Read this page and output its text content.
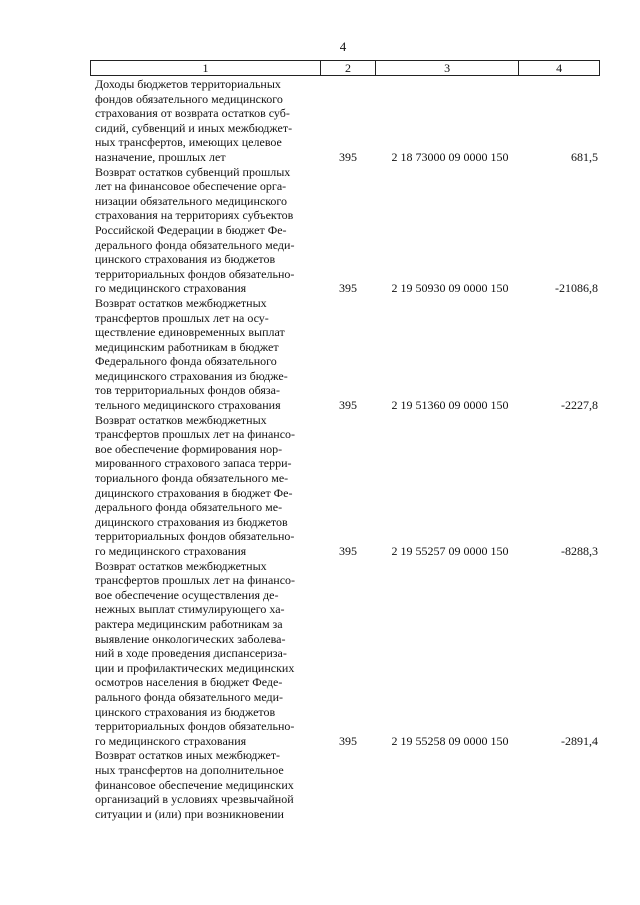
4
1	2	3	4
Доходы бюджетов территориальных
фондов обязательного медицинского
страхования от возврата остатков суб-
сидий, субвенций и иных межбюджет-
ных трансфертов, имеющих целевое
назначение, прошлых лет	395	2 18 73000 09 0000 150	681,5
Возврат остатков субвенций прошлых
лет на финансовое обеспечение орга-
низации обязательного медицинского
страхования на территориях субъектов
Российской Федерации в бюджет Фе-
дерального фонда обязательного меди-
цинского страхования из бюджетов
территориальных фондов обязательно-
го медицинского страхования	395	2 19 50930 09 0000 150	-21086,8
Возврат остатков межбюджетных
трансфертов прошлых лет на осу-
ществление единовременных выплат
медицинским работникам в бюджет
Федерального фонда обязательного
медицинского страхования из бюдже-
тов территориальных фондов обяза-
тельного медицинского страхования	395	2 19 51360 09 0000 150	-2227,8
Возврат остатков межбюджетных
трансфертов прошлых лет на финансо-
вое обеспечение формирования нор-
мированного страхового запаса терри-
ториального фонда обязательного ме-
дицинского страхования в бюджет Фе-
дерального фонда обязательного ме-
дицинского страхования из бюджетов
территориальных фондов обязательно-
го медицинского страхования	395	2 19 55257 09 0000 150	-8288,3
Возврат остатков межбюджетных
трансфертов прошлых лет на финансо-
вое обеспечение осуществления де-
нежных выплат стимулирующего ха-
рактера медицинским работникам за
выявление онкологических заболева-
ний в ходе проведения диспансериза-
ции и профилактических медицинских
осмотров населения в бюджет Феде-
рального фонда обязательного меди-
цинского страхования из бюджетов
территориальных фондов обязательно-
го медицинского страхования	395	2 19 55258 09 0000 150	-2891,4
Возврат остатков иных межбюджет-
ных трансфертов на дополнительное
финансовое обеспечение медицинских
организаций в условиях чрезвычайной
ситуации и (или) при возникновении
